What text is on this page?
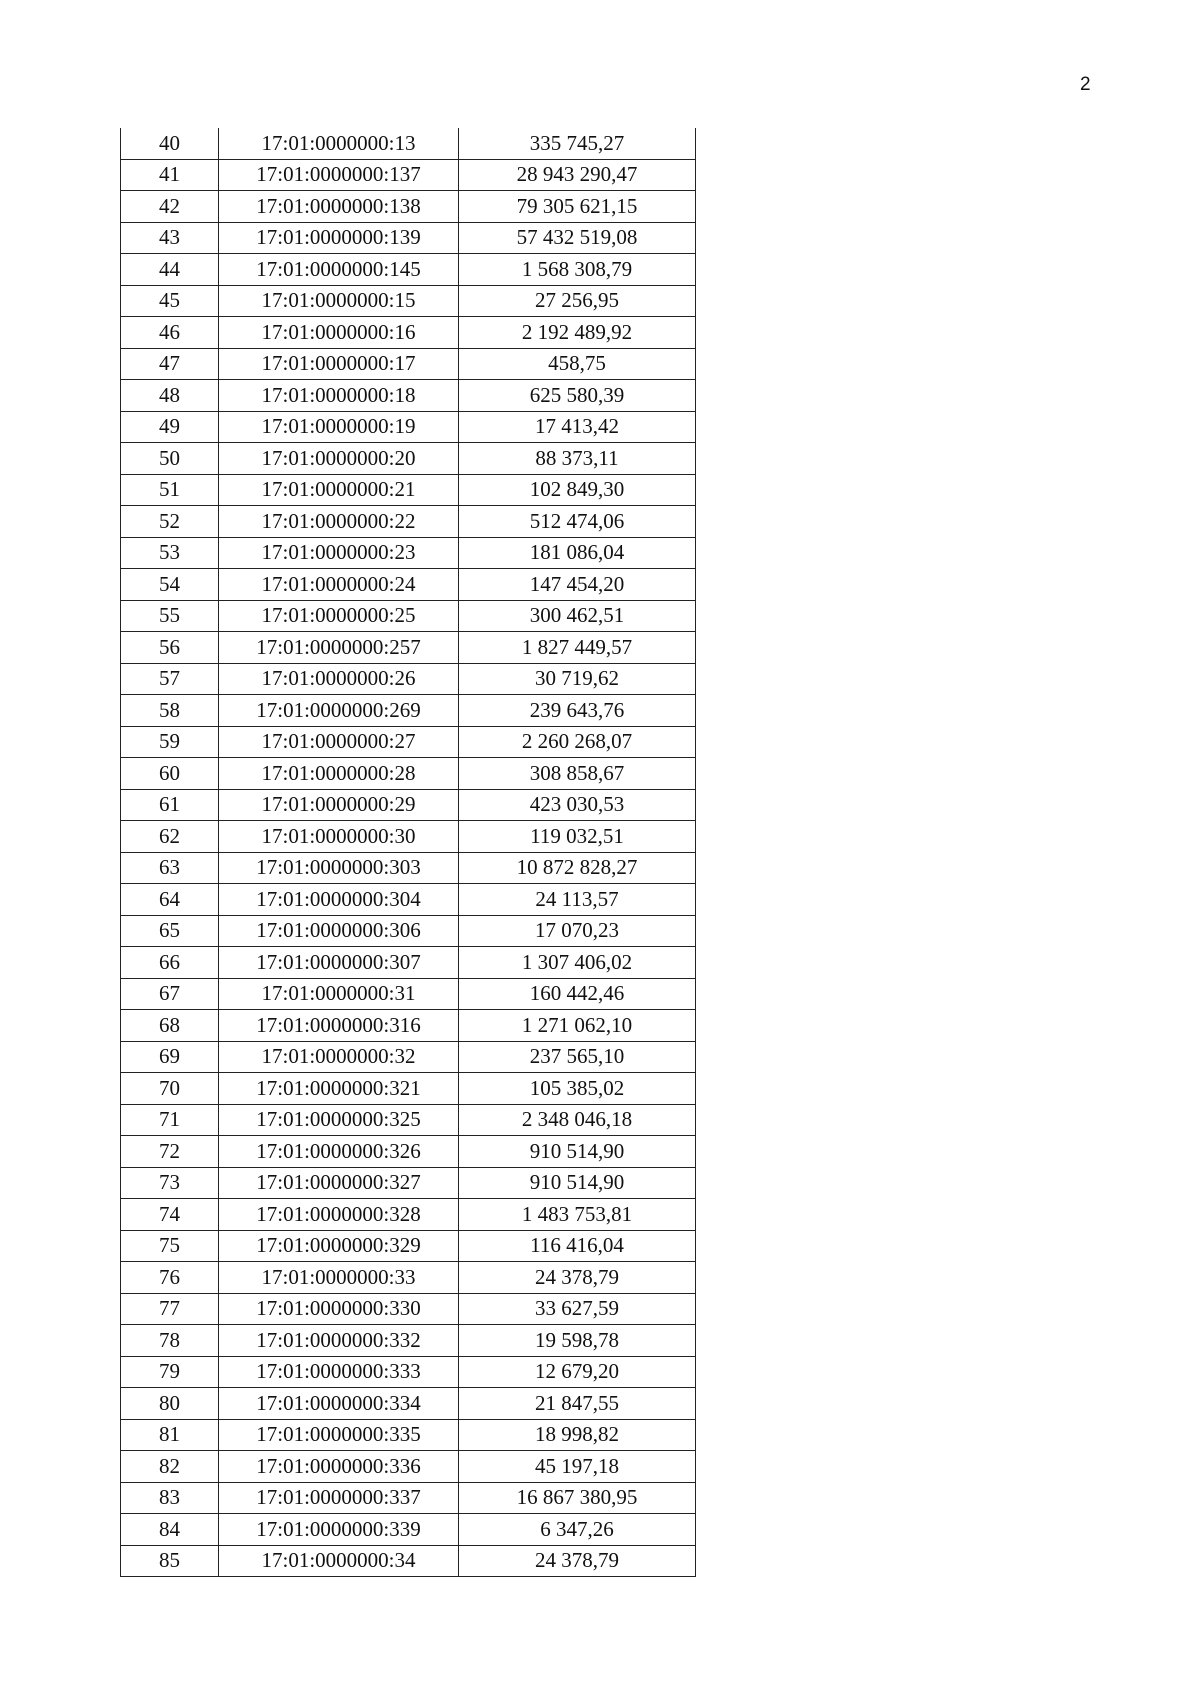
2
40	17:01:0000000:13	335 745,27
41	17:01:0000000:137	28 943 290,47
42	17:01:0000000:138	79 305 621,15
43	17:01:0000000:139	57 432 519,08
44	17:01:0000000:145	1 568 308,79
45	17:01:0000000:15	27 256,95
46	17:01:0000000:16	2 192 489,92
47	17:01:0000000:17	458,75
48	17:01:0000000:18	625 580,39
49	17:01:0000000:19	17 413,42
50	17:01:0000000:20	88 373,11
51	17:01:0000000:21	102 849,30
52	17:01:0000000:22	512 474,06
53	17:01:0000000:23	181 086,04
54	17:01:0000000:24	147 454,20
55	17:01:0000000:25	300 462,51
56	17:01:0000000:257	1 827 449,57
57	17:01:0000000:26	30 719,62
58	17:01:0000000:269	239 643,76
59	17:01:0000000:27	2 260 268,07
60	17:01:0000000:28	308 858,67
61	17:01:0000000:29	423 030,53
62	17:01:0000000:30	119 032,51
63	17:01:0000000:303	10 872 828,27
64	17:01:0000000:304	24 113,57
65	17:01:0000000:306	17 070,23
66	17:01:0000000:307	1 307 406,02
67	17:01:0000000:31	160 442,46
68	17:01:0000000:316	1 271 062,10
69	17:01:0000000:32	237 565,10
70	17:01:0000000:321	105 385,02
71	17:01:0000000:325	2 348 046,18
72	17:01:0000000:326	910 514,90
73	17:01:0000000:327	910 514,90
74	17:01:0000000:328	1 483 753,81
75	17:01:0000000:329	116 416,04
76	17:01:0000000:33	24 378,79
77	17:01:0000000:330	33 627,59
78	17:01:0000000:332	19 598,78
79	17:01:0000000:333	12 679,20
80	17:01:0000000:334	21 847,55
81	17:01:0000000:335	18 998,82
82	17:01:0000000:336	45 197,18
83	17:01:0000000:337	16 867 380,95
84	17:01:0000000:339	6 347,26
85	17:01:0000000:34	24 378,79
